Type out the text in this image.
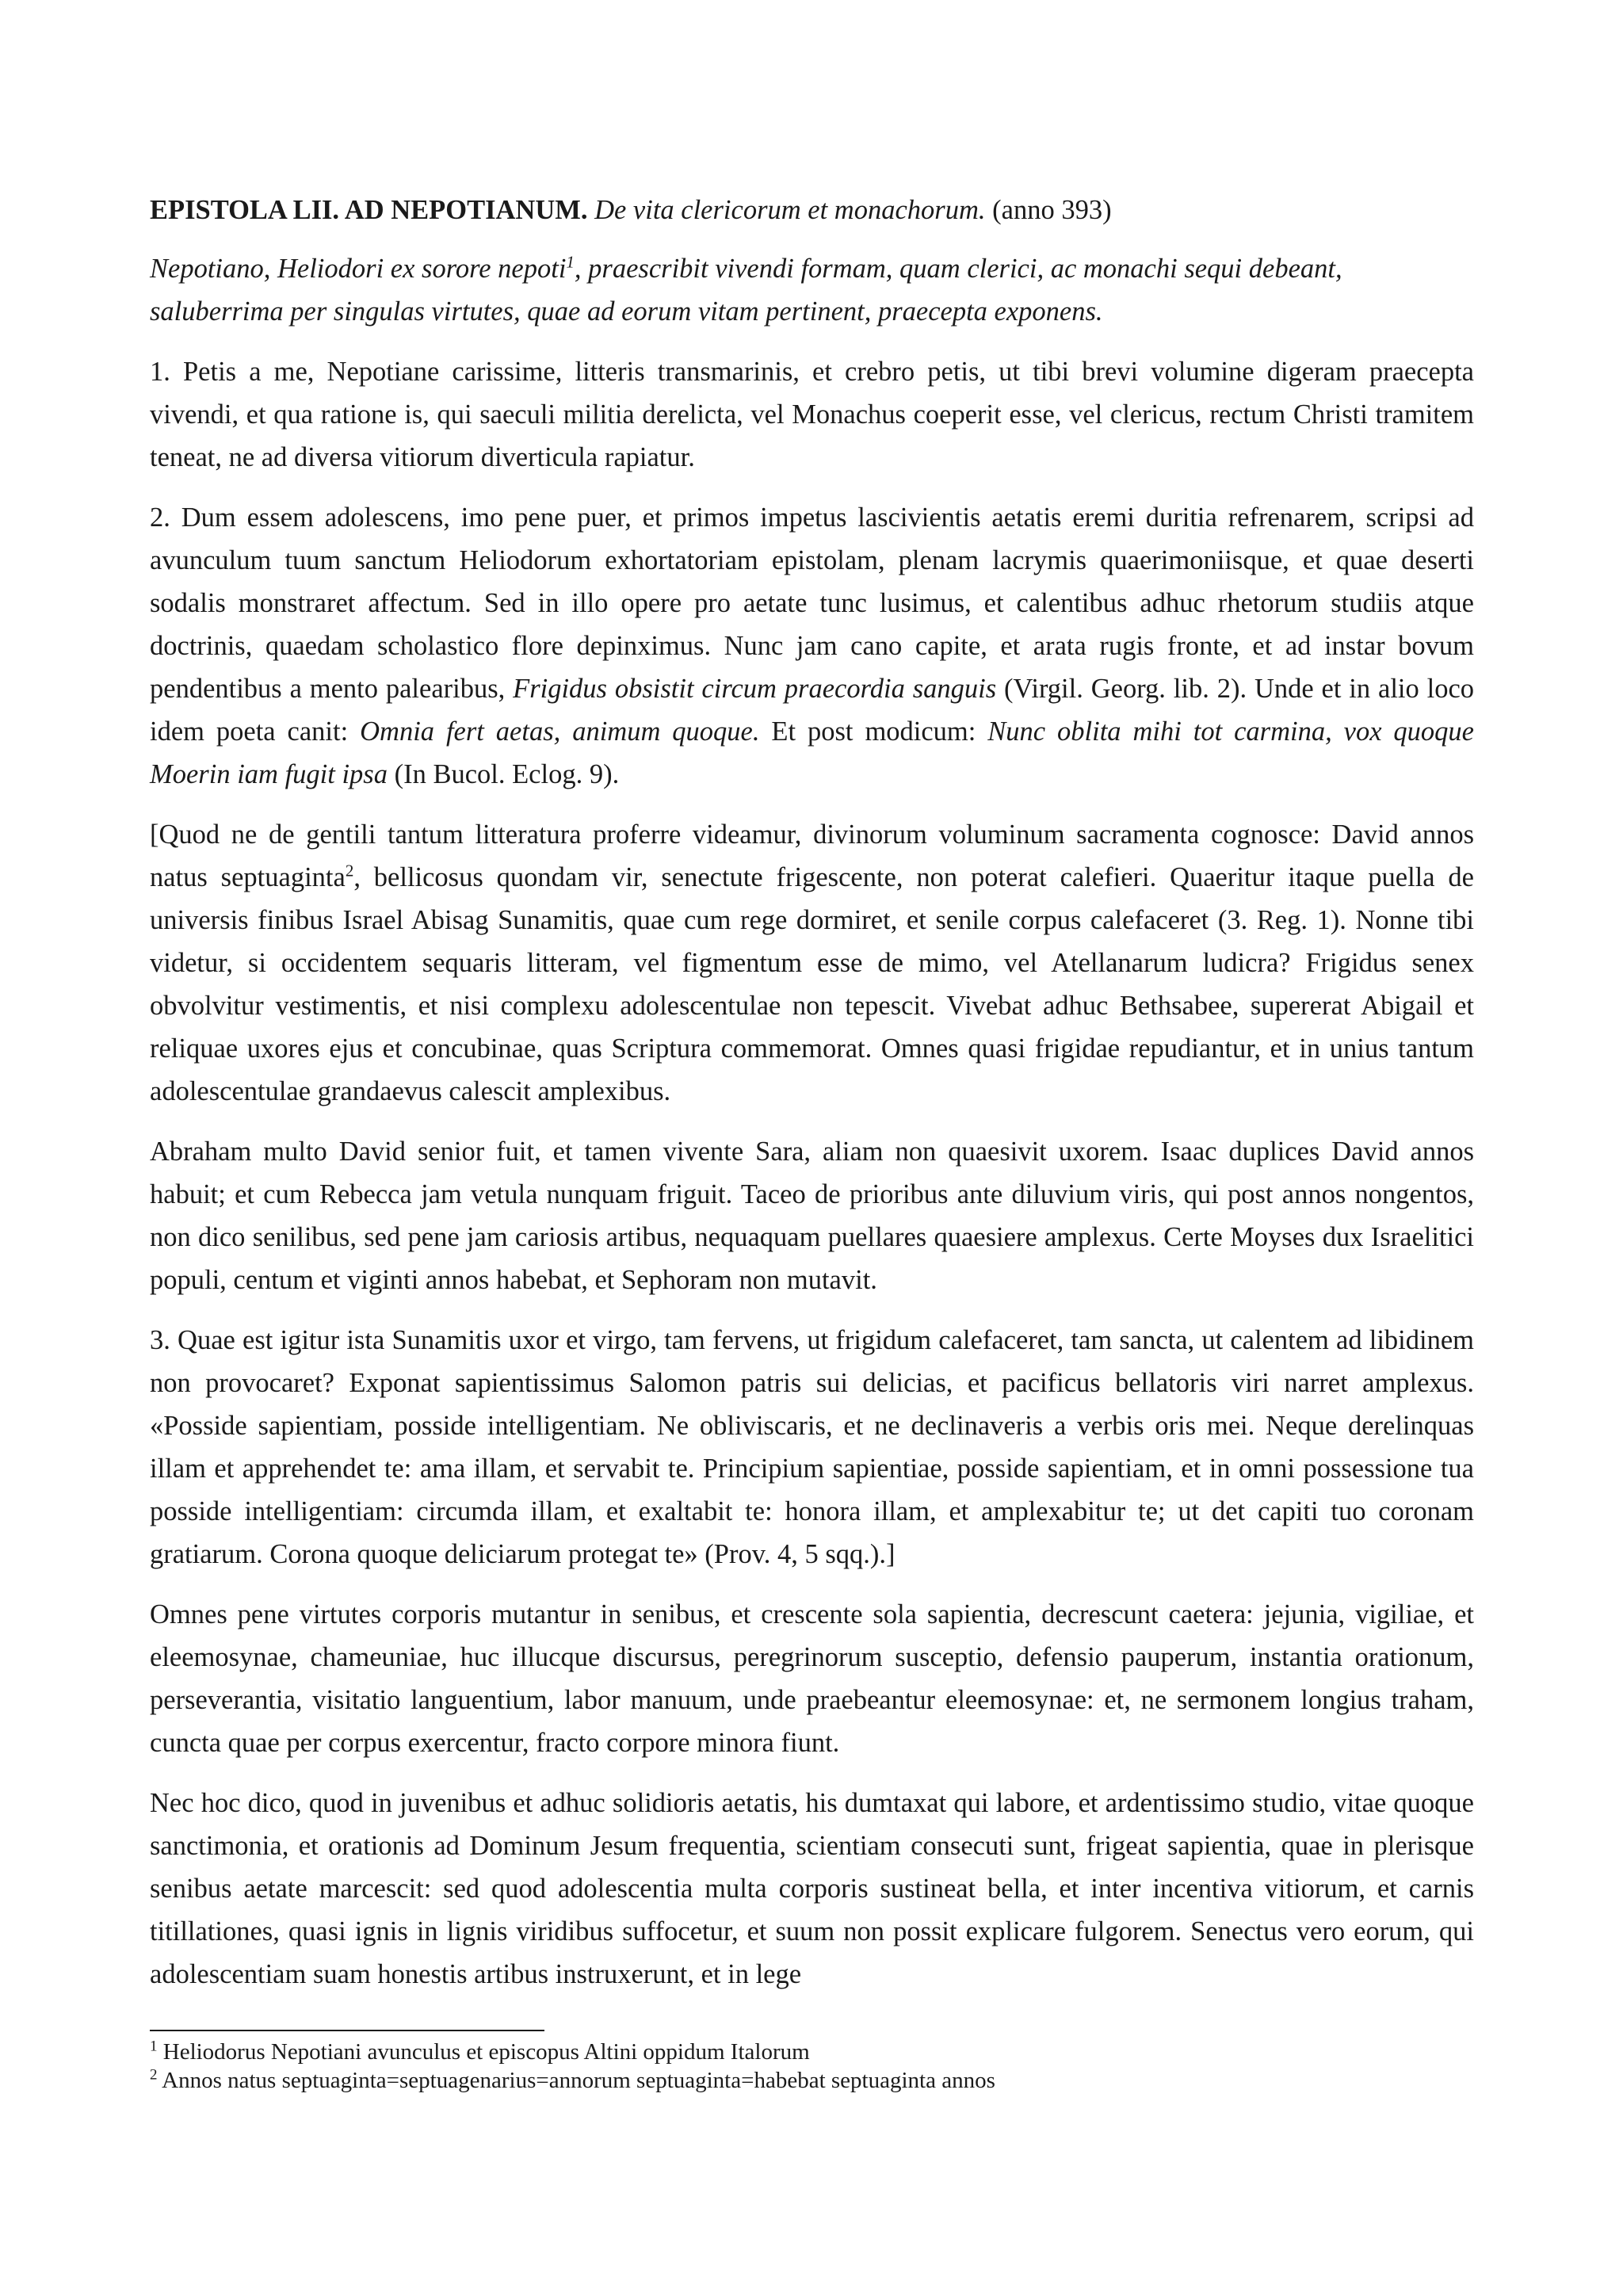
EPISTOLA LII. AD NEPOTIANUM. De vita clericorum et monachorum. (anno 393)

Nepotiano, Heliodori ex sorore nepoti$^1$, praescribit vivendi formam, quam clerici, ac monachi sequi debeant, saluberrima per singulas virtutes, quae ad eorum vitam pertinent, praecepta exponens.

1. Petis a me, Nepotiane carissime, litteris transmarinis, et crebro petis, ut tibi brevi volumine digeram praecepta vivendi, et qua ratione is, qui saeculi militia derelicta, vel Monachus coeperit esse, vel clericus, rectum Christi tramitem teneat, ne ad diversa vitiorum diverticula rapiatur.

2. Dum essem adolescens, imo pene puer, et primos impetus lascivientis aetatis eremi duritia refrenarem, scripsi ad avunculum tuum sanctum Heliodorum exhortatoriam epistolam, plenam lacrymis quaerimoniisque, et quae deserti sodalis monstraret affectum. Sed in illo opere pro aetate tunc lusimus, et calentibus adhuc rhetorum studiis atque doctrinis, quaedam scholastico flore depinximus. Nunc jam cano capite, et arata rugis fronte, et ad instar bovum pendentibus a mento palearibus, Frigidus obsistit circum praecordia sanguis (Virgil. Georg. lib. 2). Unde et in alio loco idem poeta canit: Omnia fert aetas, animum quoque. Et post modicum: Nunc oblita mihi tot carmina, vox quoque Moerin iam fugit ipsa (In Bucol. Eclog. 9).

[Quod ne de gentili tantum litteratura proferre videamur, divinorum voluminum sacramenta cognosce: David annos natus septuaginta$^2$, bellicosus quondam vir, senectute frigescente, non poterat calefieri. Quaeritur itaque puella de universis finibus Israel Abisag Sunamitis, quae cum rege dormiret, et senile corpus calefaceret (3. Reg. 1). Nonne tibi videtur, si occidentem sequaris litteram, vel figmentum esse de mimo, vel Atellanarum ludicra? Frigidus senex obvolvitur vestimentis, et nisi complexu adolescentulae non tepescit. Vivebat adhuc Bethsabee, supererat Abigail et reliquae uxores ejus et concubinae, quas Scriptura commemorat. Omnes quasi frigidae repudiantur, et in unius tantum adolescentulae grandaevus calescit amplexibus.

Abraham multo David senior fuit, et tamen vivente Sara, aliam non quaesivit uxorem. Isaac duplices David annos habuit; et cum Rebecca jam vetula nunquam friguit. Taceo de prioribus ante diluvium viris, qui post annos nongentos, non dico senilibus, sed pene jam cariosis artibus, nequaquam puellares quaesiere amplexus. Certe Moyses dux Israelitici populi, centum et viginti annos habebat, et Sephoram non mutavit.

3. Quae est igitur ista Sunamitis uxor et virgo, tam fervens, ut frigidum calefaceret, tam sancta, ut calentem ad libidinem non provocaret? Exponat sapientissimus Salomon patris sui delicias, et pacificus bellatoris viri narret amplexus. «Posside sapientiam, posside intelligentiam. Ne obliviscaris, et ne declinaveris a verbis oris mei. Neque derelinquas illam et apprehendet te: ama illam, et servabit te. Principium sapientiae, posside sapientiam, et in omni possessione tua posside intelligentiam: circumda illam, et exaltabit te: honora illam, et amplexabitur te; ut det capiti tuo coronam gratiarum. Corona quoque deliciarum protegat te» (Prov. 4, 5 sqq.).]

Omnes pene virtutes corporis mutantur in senibus, et crescente sola sapientia, decrescunt caetera: jejunia, vigiliae, et eleemosynae, chameuniae, huc illucque discursus, peregrinorum susceptio, defensio pauperum, instantia orationum, perseverantia, visitatio languentium, labor manuum, unde praebeantur eleemosynae: et, ne sermonem longius traham, cuncta quae per corpus exercentur, fracto corpore minora fiunt.

Nec hoc dico, quod in juvenibus et adhuc solidioris aetatis, his dumtaxat qui labore, et ardentissimo studio, vitae quoque sanctimonia, et orationis ad Dominum Jesum frequentia, scientiam consecuti sunt, frigeat sapientia, quae in plerisque senibus aetate marcescit: sed quod adolescentia multa corporis sustineat bella, et inter incentiva vitiorum, et carnis titillationes, quasi ignis in lignis viridibus suffocetur, et suum non possit explicare fulgorem. Senectus vero eorum, qui adolescentiam suam honestis artibus instruxerunt, et in lege

$^1$ Heliodorus Nepotiani avunculus et episcopus Altini oppidum Italorum
$^2$ Annos natus septuaginta=septuagenarius=annorum septuaginta=habebat septuaginta annos
